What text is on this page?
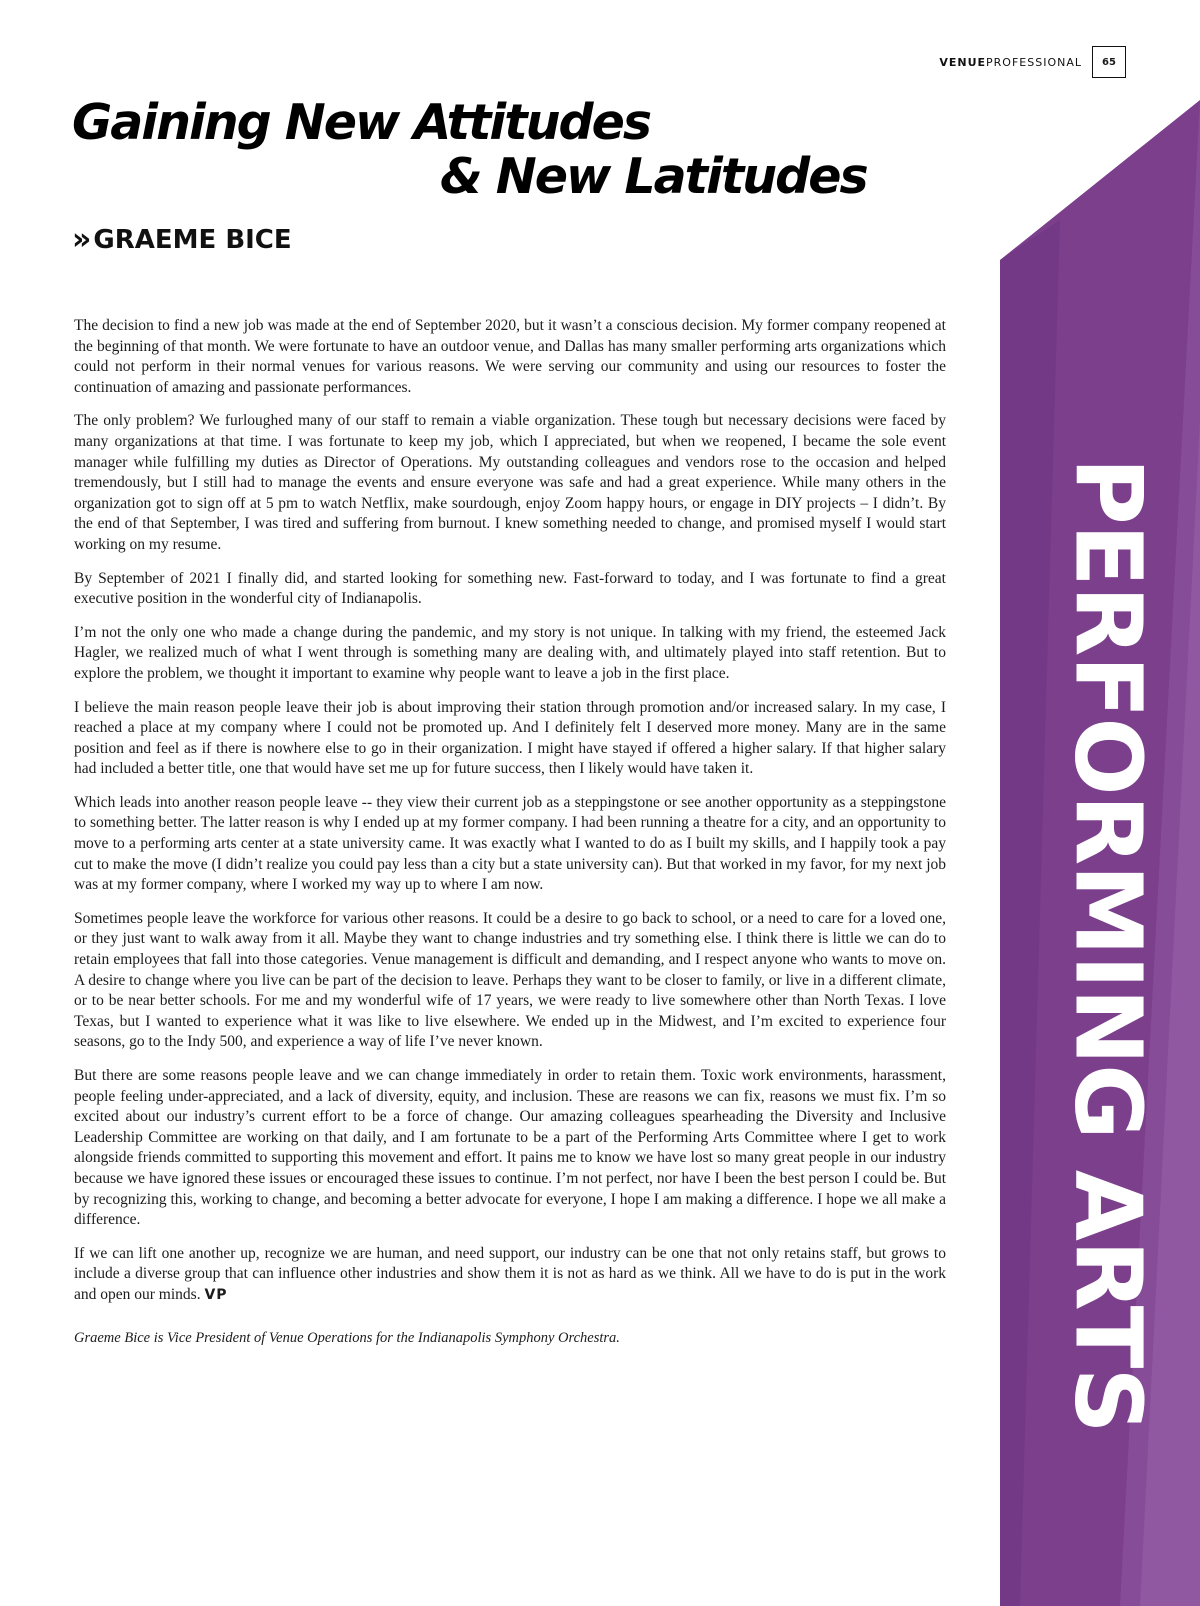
VENUEPROFESSIONAL	65
Gaining New Attitudes
& New Latitudes
» GRAEME BICE

The decision to find a new job was made at the end of September 2020, but it wasn’t a conscious decision. My former company reopened at the beginning of that month. We were fortunate to have an outdoor venue, and Dallas has many smaller performing arts organizations which could not perform in their normal venues for various reasons. We were serving our community and using our resources to foster the continuation of amazing and passionate performances.

The only problem? We furloughed many of our staff to remain a viable organization. These tough but necessary decisions were faced by many organizations at that time. I was fortunate to keep my job, which I appreciated, but when we reopened, I became the sole event manager while fulfilling my duties as Director of Operations. My outstanding colleagues and vendors rose to the occasion and helped tremendously, but I still had to manage the events and ensure everyone was safe and had a great experience. While many others in the organization got to sign off at 5 pm to watch Netflix, make sourdough, enjoy Zoom happy hours, or engage in DIY projects – I didn’t. By the end of that September, I was tired and suffering from burnout. I knew something needed to change, and promised myself I would start working on my resume.

By September of 2021 I finally did, and started looking for something new. Fast-forward to today, and I was fortunate to find a great executive position in the wonderful city of Indianapolis.

I’m not the only one who made a change during the pandemic, and my story is not unique. In talking with my friend, the esteemed Jack Hagler, we realized much of what I went through is something many are dealing with, and ultimately played into staff retention. But to explore the problem, we thought it important to examine why people want to leave a job in the first place.

I believe the main reason people leave their job is about improving their station through promotion and/or increased salary. In my case, I reached a place at my company where I could not be promoted up. And I definitely felt I deserved more money. Many are in the same position and feel as if there is nowhere else to go in their organization. I might have stayed if offered a higher salary. If that higher salary had included a better title, one that would have set me up for future success, then I likely would have taken it.

Which leads into another reason people leave -- they view their current job as a steppingstone or see another opportunity as a steppingstone to something better. The latter reason is why I ended up at my former company. I had been running a theatre for a city, and an opportunity to move to a performing arts center at a state university came. It was exactly what I wanted to do as I built my skills, and I happily took a pay cut to make the move (I didn’t realize you could pay less than a city but a state university can). But that worked in my favor, for my next job was at my former company, where I worked my way up to where I am now.

Sometimes people leave the workforce for various other reasons. It could be a desire to go back to school, or a need to care for a loved one, or they just want to walk away from it all. Maybe they want to change industries and try something else. I think there is little we can do to retain employees that fall into those categories. Venue management is difficult and demanding, and I respect anyone who wants to move on. A desire to change where you live can be part of the decision to leave. Perhaps they want to be closer to family, or live in a different climate, or to be near better schools. For me and my wonderful wife of 17 years, we were ready to live somewhere other than North Texas. I love Texas, but I wanted to experience what it was like to live elsewhere. We ended up in the Midwest, and I’m excited to experience four seasons, go to the Indy 500, and experience a way of life I’ve never known.

But there are some reasons people leave and we can change immediately in order to retain them. Toxic work environments, harassment, people feeling under-appreciated, and a lack of diversity, equity, and inclusion. These are reasons we can fix, reasons we must fix. I’m so excited about our industry’s current effort to be a force of change. Our amazing colleagues spearheading the Diversity and Inclusive Leadership Committee are working on that daily, and I am fortunate to be a part of the Performing Arts Committee where I get to work alongside friends committed to supporting this movement and effort. It pains me to know we have lost so many great people in our industry because we have ignored these issues or encouraged these issues to continue. I’m not perfect, nor have I been the best person I could be. But by recognizing this, working to change, and becoming a better advocate for everyone, I hope I am making a difference. I hope we all make a difference.

If we can lift one another up, recognize we are human, and need support, our industry can be one that not only retains staff, but grows to include a diverse group that can influence other industries and show them it is not as hard as we think. All we have to do is put in the work and open our minds. VP

Graeme Bice is Vice President of Venue Operations for the Indianapolis Symphony Orchestra.	PERFORMING ARTS
